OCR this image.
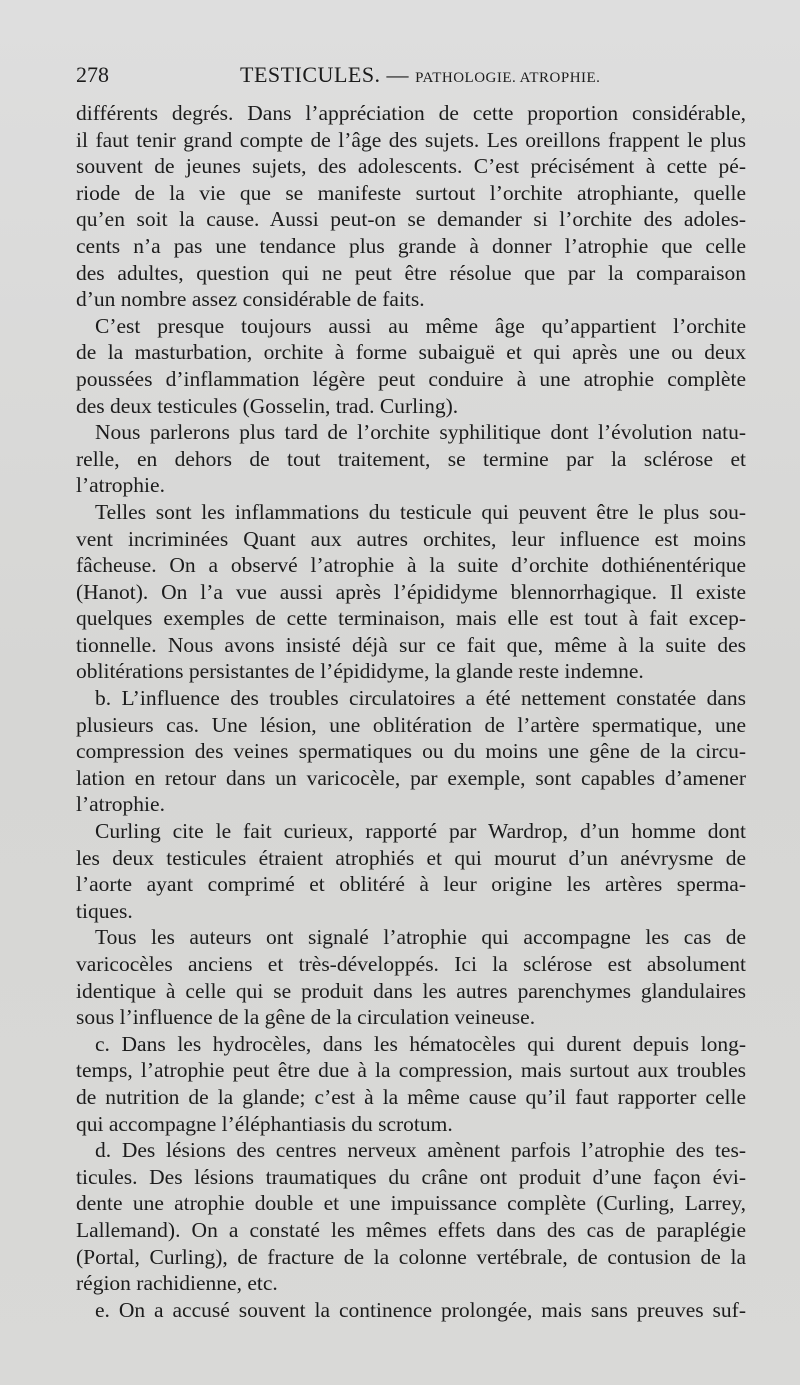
278	TESTICULES. — PATHOLOGIE. ATROPHIE.
différents degrés. Dans l’appréciation de cette proportion considérable,
il faut tenir grand compte de l’âge des sujets. Les oreillons frappent le plus
souvent de jeunes sujets, des adolescents. C’est précisément à cette pé-
riode de la vie que se manifeste surtout l’orchite atrophiante, quelle
qu’en soit la cause. Aussi peut-on se demander si l’orchite des adoles-
cents n’a pas une tendance plus grande à donner l’atrophie que celle
des adultes, question qui ne peut être résolue que par la comparaison
d’un nombre assez considérable de faits.
C’est presque toujours aussi au même âge qu’appartient l’orchite
de la masturbation, orchite à forme subaiguë et qui après une ou deux
poussées d’inflammation légère peut conduire à une atrophie complète
des deux testicules (Gosselin, trad. Curling).
Nous parlerons plus tard de l’orchite syphilitique dont l’évolution natu-
relle, en dehors de tout traitement, se termine par la sclérose et
l’atrophie.
Telles sont les inflammations du testicule qui peuvent être le plus sou-
vent incriminées Quant aux autres orchites, leur influence est moins
fâcheuse. On a observé l’atrophie à la suite d’orchite dothiénentérique
(Hanot). On l’a vue aussi après l’épididyme blennorrhagique. Il existe
quelques exemples de cette terminaison, mais elle est tout à fait excep-
tionnelle. Nous avons insisté déjà sur ce fait que, même à la suite des
oblitérations persistantes de l’épididyme, la glande reste indemne.
b. L’influence des troubles circulatoires a été nettement constatée dans
plusieurs cas. Une lésion, une oblitération de l’artère spermatique, une
compression des veines spermatiques ou du moins une gêne de la circu-
lation en retour dans un varicocèle, par exemple, sont capables d’amener
l’atrophie.
Curling cite le fait curieux, rapporté par Wardrop, d’un homme dont
les deux testicules étraient atrophiés et qui mourut d’un anévrysme de
l’aorte ayant comprimé et oblitéré à leur origine les artères sperma-
tiques.
Tous les auteurs ont signalé l’atrophie qui accompagne les cas de
varicocèles anciens et très-développés. Ici la sclérose est absolument
identique à celle qui se produit dans les autres parenchymes glandulaires
sous l’influence de la gêne de la circulation veineuse.
c. Dans les hydrocèles, dans les hématocèles qui durent depuis long-
temps, l’atrophie peut être due à la compression, mais surtout aux troubles
de nutrition de la glande; c’est à la même cause qu’il faut rapporter celle
qui accompagne l’éléphantiasis du scrotum.
d. Des lésions des centres nerveux amènent parfois l’atrophie des tes-
ticules. Des lésions traumatiques du crâne ont produit d’une façon évi-
dente une atrophie double et une impuissance complète (Curling, Larrey,
Lallemand). On a constaté les mêmes effets dans des cas de paraplégie
(Portal, Curling), de fracture de la colonne vertébrale, de contusion de la
région rachidienne, etc.
e. On a accusé souvent la continence prolongée, mais sans preuves suf-
